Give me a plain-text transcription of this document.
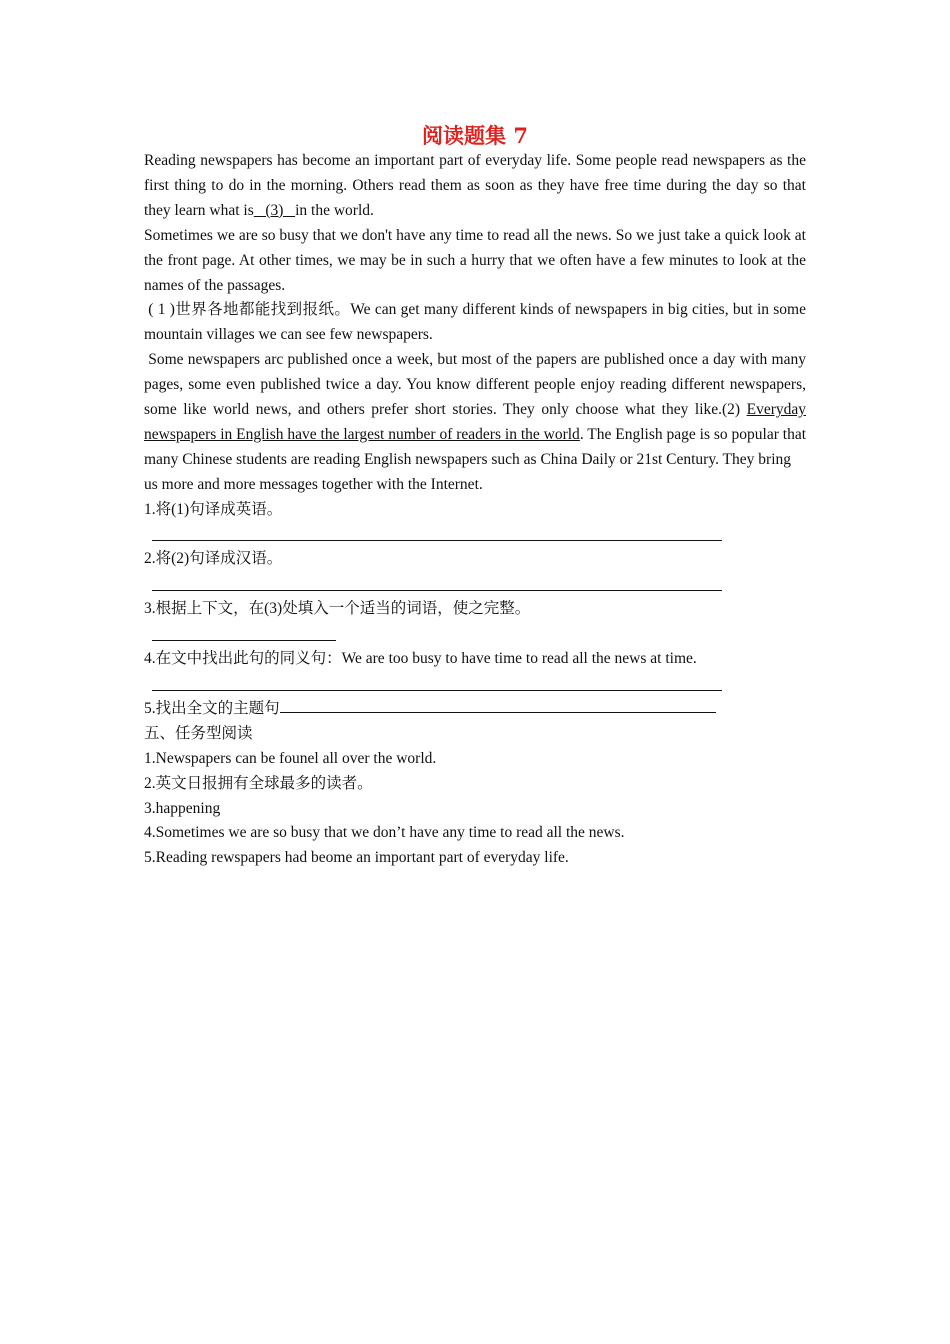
阅读题集 7

Reading newspapers has become an important part of everyday life. Some people read newspapers as the first thing to do in the morning. Others read them as soon as they have free time during the day so that they learn what is   (3)   in the world.

Sometimes we are so busy that we don't have any time to read all the news. So we just take a quick look at the front page. At other times, we may be in such a hurry that we often have a few minutes to look at the names of the passages.

( 1 )世界各地都能找到报纸。We can get many different kinds of newspapers in big cities, but in some mountain villages we can see few newspapers.

Some newspapers arc published once a week, but most of the papers are published once a day with many pages, some even published twice a day. You know different people enjoy reading different newspapers, some like world news, and others prefer short stories. They only choose what they like.(2) Everyday newspapers in English have the largest number of readers in the world. The English page is so popular that many Chinese students are reading English newspapers such as China Daily or 21st Century. They bring

us more and more messages together with the Internet.

1.将(1)句译成英语。

2.将(2)句译成汉语。

3.根据上下文，在(3)处填入一个适当的词语，使之完整。

4.在文中找出此句的同义句：We are too busy to have time to read all the news at time.

5.找出全文的主题句

五、任务型阅读

1.Newspapers can be founel all over the world.

2.英文日报拥有全球最多的读者。

3.happening

4.Sometimes we are so busy that we don’t have any time to read all the news.

5.Reading rewspapers had beome an important part of everyday life.
